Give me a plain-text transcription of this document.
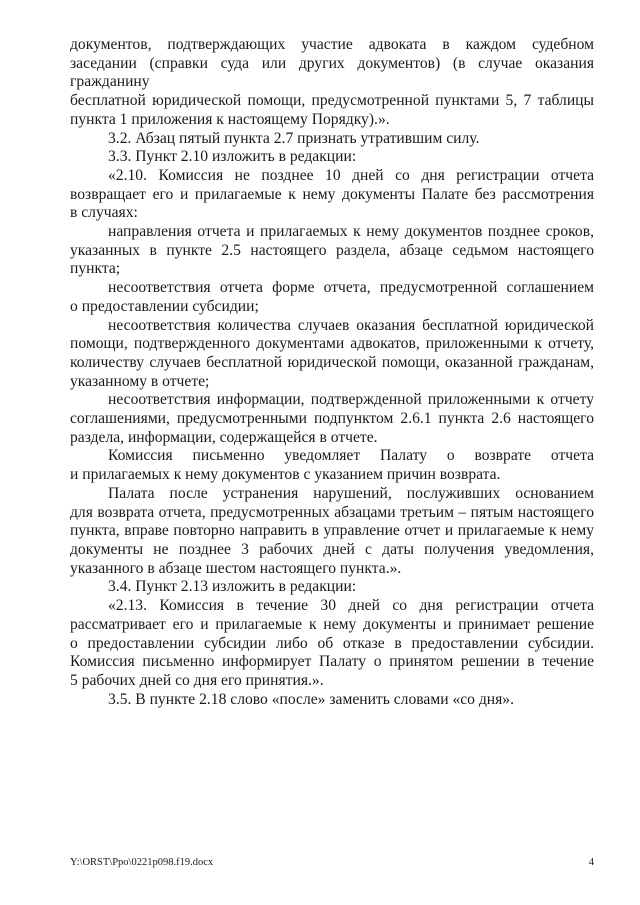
документов, подтверждающих участие адвоката в каждом судебном
заседании (справки суда или других документов) (в случае оказания гражданину
бесплатной юридической помощи, предусмотренной пунктами 5, 7 таблицы
пункта 1 приложения к настоящему Порядку).».
3.2. Абзац пятый пункта 2.7 признать утратившим силу.
3.3. Пункт 2.10 изложить в редакции:
«2.10. Комиссия не позднее 10 дней со дня регистрации отчета
возвращает его и прилагаемые к нему документы Палате без рассмотрения
в случаях:
направления отчета и прилагаемых к нему документов позднее сроков,
указанных в пункте 2.5 настоящего раздела, абзаце седьмом настоящего
пункта;
несоответствия отчета форме отчета, предусмотренной соглашением
о предоставлении субсидии;
несоответствия количества случаев оказания бесплатной юридической
помощи, подтвержденного документами адвокатов, приложенными к отчету,
количеству случаев бесплатной юридической помощи, оказанной гражданам,
указанному в отчете;
несоответствия информации, подтвержденной приложенными к отчету
соглашениями, предусмотренными подпунктом 2.6.1 пункта 2.6 настоящего
раздела, информации, содержащейся в отчете.
Комиссия письменно уведомляет Палату о возврате отчета
и прилагаемых к нему документов с указанием причин возврата.
Палата после устранения нарушений, послуживших основанием
для возврата отчета, предусмотренных абзацами третьим – пятым настоящего
пункта, вправе повторно направить в управление отчет и прилагаемые к нему
документы не позднее 3 рабочих дней с даты получения уведомления,
указанного в абзаце шестом настоящего пункта.».
3.4. Пункт 2.13 изложить в редакции:
«2.13. Комиссия в течение 30 дней со дня регистрации отчета
рассматривает его и прилагаемые к нему документы и принимает решение
о предоставлении субсидии либо об отказе в предоставлении субсидии.
Комиссия письменно информирует Палату о принятом решении в течение
5 рабочих дней со дня его принятия.».
3.5. В пункте 2.18 слово «после» заменить словами «со дня».
Y:\ORST\Ppo\0221p098.f19.docx	4
